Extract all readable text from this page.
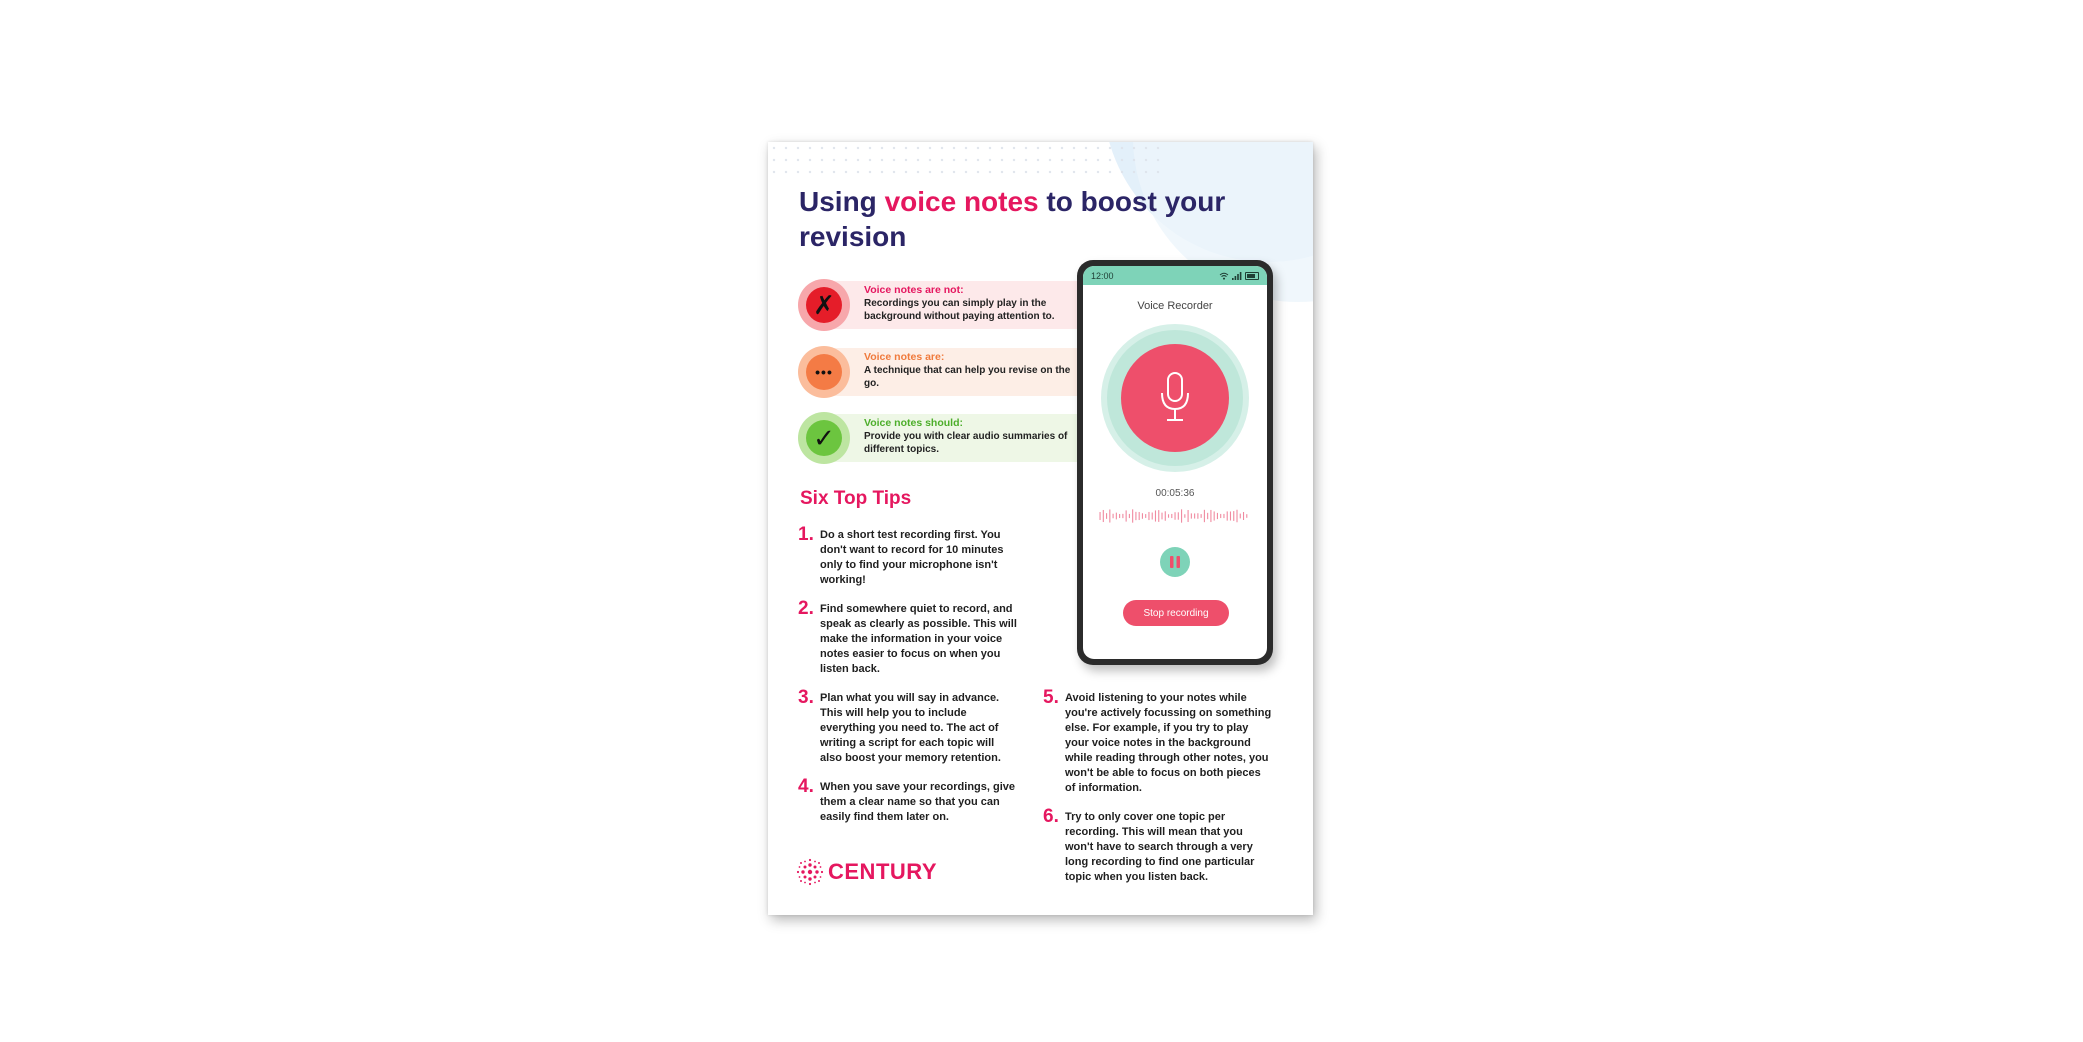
Using voice notes to boost your revision
✗	Voice notes are not:
Recordings you can simply play in the background without paying attention to.
•••
Voice notes are:
A technique that can help you revise on the go.
✓	Voice notes should:
Provide you with clear audio summaries of different topics.
Six Top Tips
1. Do a short test recording first. You don't want to record for 10 minutes only to find your microphone isn't working!
2. Find somewhere quiet to record, and speak as clearly as possible. This will make the information in your voice notes easier to focus on when you listen back.
3. Plan what you will say in advance. This will help you to include everything you need to. The act of writing a script for each topic will also boost your memory retention.
4. When you save your recordings, give them a clear name so that you can easily find them later on.
5. Avoid listening to your notes while you're actively focussing on something else. For example, if you try to play your voice notes in the background while reading through other notes, you won't be able to focus on both pieces of information.
6. Try to only cover one topic per recording. This will mean that you won't have to search through a very long recording to find one particular topic when you listen back.
CENTURY
12:00
Voice Recorder
00:05:36
Stop recording
